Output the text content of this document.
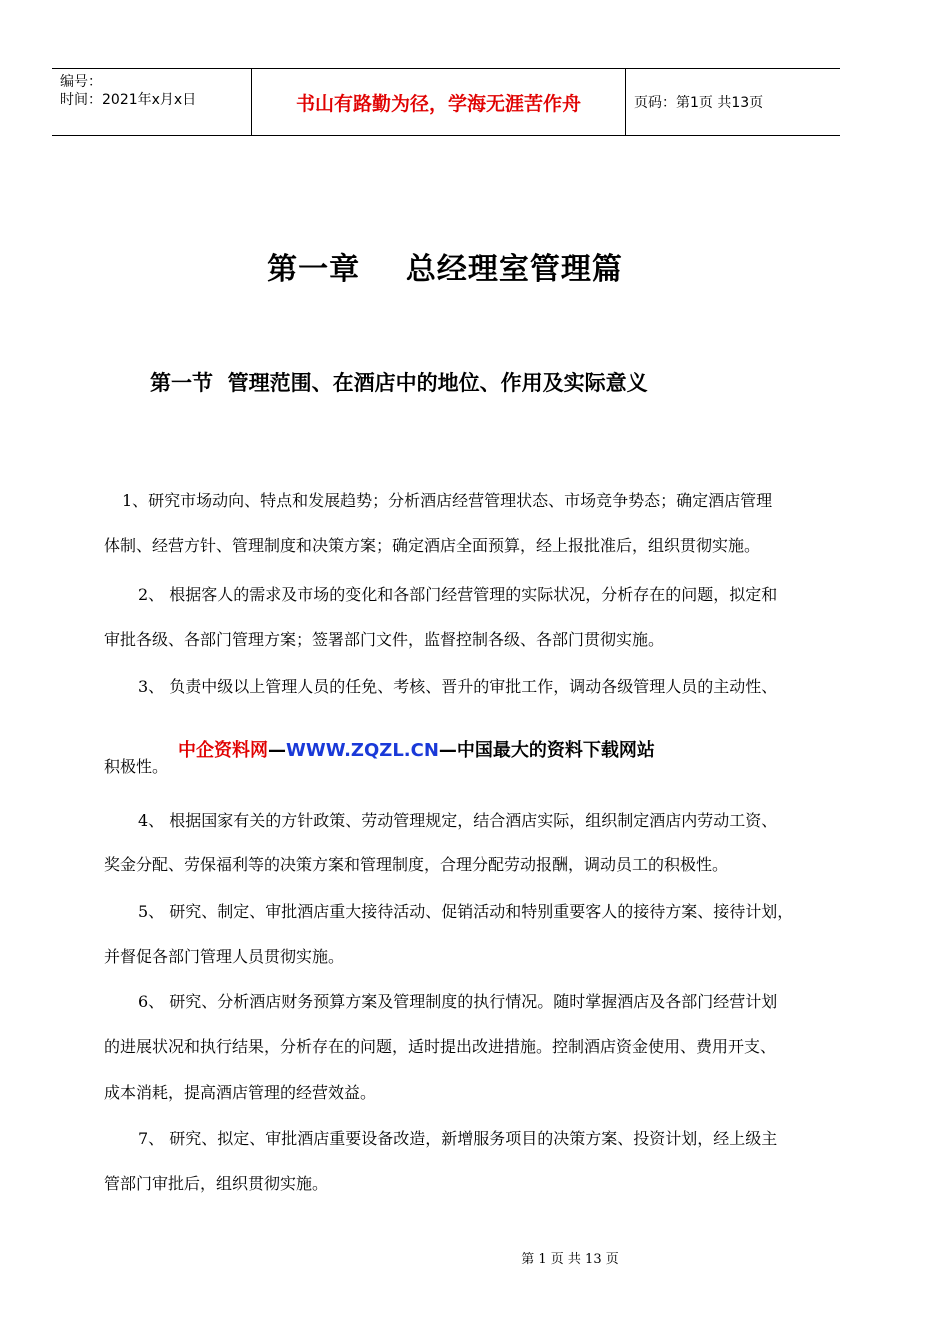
编号：
时间：2021年x月x日	书山有路勤为径，学海无涯苦作舟	页码：第1页 共13页
第一章    总经理室管理篇
第一节  管理范围、在酒店中的地位、作用及实际意义
1、研究市场动向、特点和发展趋势；分析酒店经营管理状态、市场竞争势态；确定酒店管理
体制、经营方针、管理制度和决策方案；确定酒店全面预算，经上报批准后，组织贯彻实施。
2、 根据客人的需求及市场的变化和各部门经营管理的实际状况，分析存在的问题，拟定和
审批各级、各部门管理方案；签署部门文件，监督控制各级、各部门贯彻实施。
3、 负责中级以上管理人员的任免、考核、晋升的审批工作，调动各级管理人员的主动性、
积极性。
4、 根据国家有关的方针政策、劳动管理规定，结合酒店实际，组织制定酒店内劳动工资、
奖金分配、劳保福利等的决策方案和管理制度，合理分配劳动报酬，调动员工的积极性。
5、 研究、制定、审批酒店重大接待活动、促销活动和特别重要客人的接待方案、接待计划，
并督促各部门管理人员贯彻实施。
6、 研究、分析酒店财务预算方案及管理制度的执行情况。随时掌握酒店及各部门经营计划
的进展状况和执行结果，分析存在的问题，适时提出改进措施。控制酒店资金使用、费用开支、
成本消耗，提高酒店管理的经营效益。
7、 研究、拟定、审批酒店重要设备改造，新增服务项目的决策方案、投资计划，经上级主
管部门审批后，组织贯彻实施。
中企资料网—WWW.ZQZL.CN—中国最大的资料下载网站
第 1 页 共 13 页
